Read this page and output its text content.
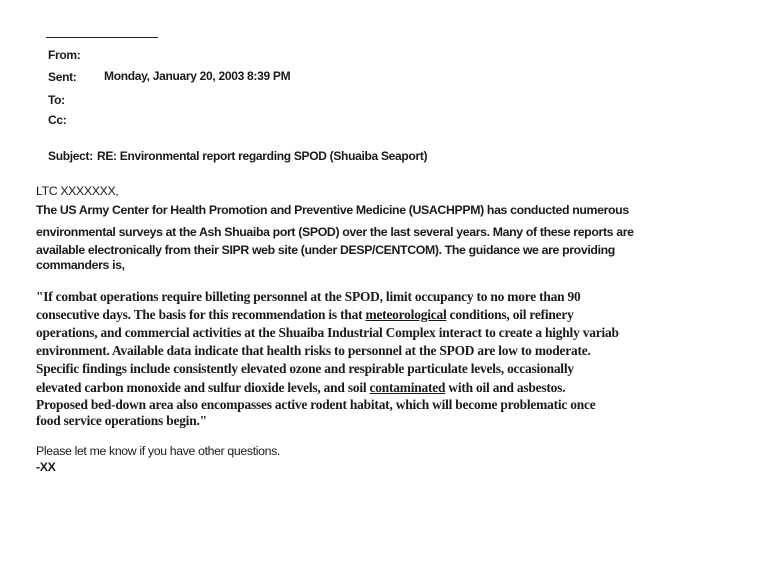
From:
Sent: Monday, January 20, 2003 8:39 PM
To:
Cc:
Subject: RE: Environmental report regarding SPOD (Shuaiba Seaport)
LTC XXXXXXX,
The US Army Center for Health Promotion and Preventive Medicine (USACHPPM) has conducted numerous
environmental surveys at the Ash Shuaiba port (SPOD) over the last several years. Many of these reports are
available electronically from their SIPR web site (under DESP/CENTCOM). The guidance we are providing
commanders is,
"If combat operations require billeting personnel at the SPOD, limit occupancy to no more than 90
consecutive days. The basis for this recommendation is that meteorological conditions, oil refinery
operations, and commercial activities at the Shuaiba Industrial Complex interact to create a highly variab
environment. Available data indicate that health risks to personnel at the SPOD are low to moderate.
Specific findings include consistently elevated ozone and respirable particulate levels, occasionally
elevated carbon monoxide and sulfur dioxide levels, and soil contaminated with oil and asbestos.
Proposed bed-down area also encompasses active rodent habitat, which will become problematic once
food service operations begin."
Please let me know if you have other questions.
-XX
